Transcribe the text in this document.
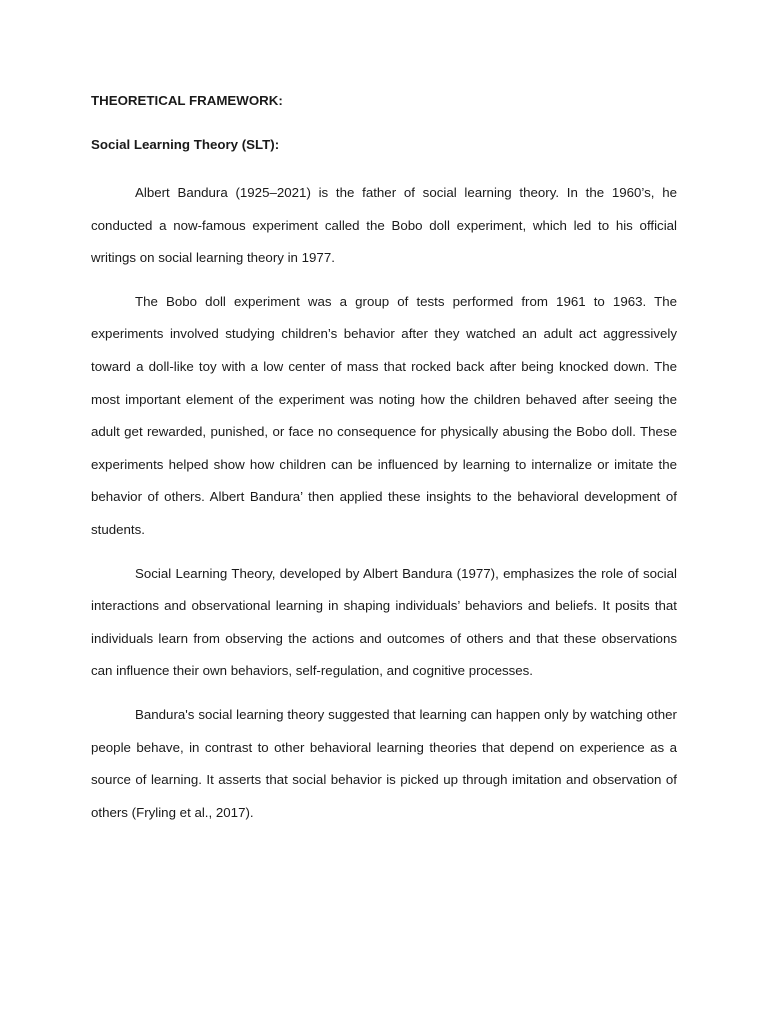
THEORETICAL FRAMEWORK:

Social Learning Theory (SLT):

Albert Bandura (1925–2021) is the father of social learning theory. In the 1960’s, he conducted a now-famous experiment called the Bobo doll experiment, which led to his official writings on social learning theory in 1977.

The Bobo doll experiment was a group of tests performed from 1961 to 1963. The experiments involved studying children’s behavior after they watched an adult act aggressively toward a doll-like toy with a low center of mass that rocked back after being knocked down. The most important element of the experiment was noting how the children behaved after seeing the adult get rewarded, punished, or face no consequence for physically abusing the Bobo doll. These experiments helped show how children can be influenced by learning to internalize or imitate the behavior of others. Albert Bandura’ then applied these insights to the behavioral development of students.

Social Learning Theory, developed by Albert Bandura (1977), emphasizes the role of social interactions and observational learning in shaping individuals’ behaviors and beliefs. It posits that individuals learn from observing the actions and outcomes of others and that these observations can influence their own behaviors, self-regulation, and cognitive processes.

Bandura's social learning theory suggested that learning can happen only by watching other people behave, in contrast to other behavioral learning theories that depend on experience as a source of learning. It asserts that social behavior is picked up through imitation and observation of others (Fryling et al., 2017).
